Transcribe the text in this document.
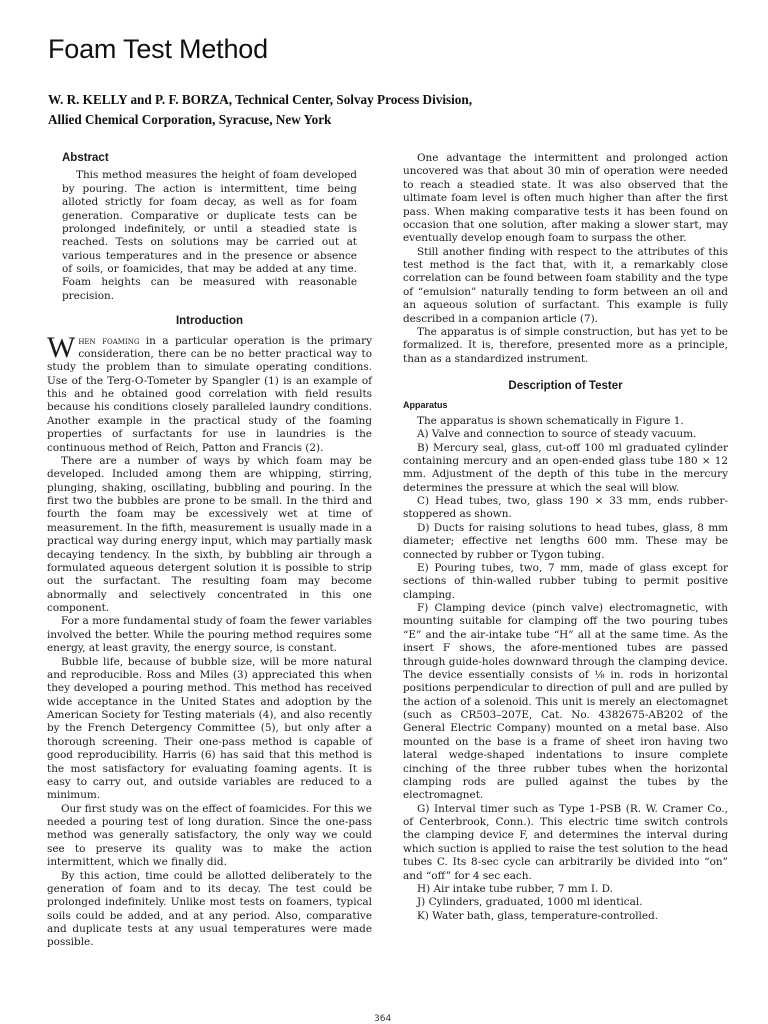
Foam Test Method
W. R. KELLY and P. F. BORZA, Technical Center, Solvay Process Division,
Allied Chemical Corporation, Syracuse, New York

Abstract

This method measures the height of foam developed by pouring. The action is intermittent, time being alloted strictly for foam decay, as well as for foam generation. Comparative or duplicate tests can be prolonged indefinitely, or until a steadied state is reached. Tests on solutions may be carried out at various temperatures and in the presence or absence of soils, or foamicides, that may be added at any time. Foam heights can be measured with reasonable precision.

Introduction

When foaming in a particular operation is the primary consideration, there can be no better practical way to study the problem than to simulate operating conditions. Use of the Terg-O-Tometer by Spangler (1) is an example of this and he obtained good correlation with field results because his conditions closely paralleled laundry conditions. Another example in the practical study of the foaming properties of surfactants for use in laundries is the continuous method of Reich, Patton and Francis (2).

There are a number of ways by which foam may be developed. Included among them are whipping, stirring, plunging, shaking, oscillating, bubbling and pouring. In the first two the bubbles are prone to be small. In the third and fourth the foam may be excessively wet at time of measurement. In the fifth, measurement is usually made in a practical way during energy input, which may partially mask decaying tendency. In the sixth, by bubbling air through a formulated aqueous detergent solution it is possible to strip out the surfactant. The resulting foam may become abnormally and selectively concentrated in this one component.

For a more fundamental study of foam the fewer variables involved the better. While the pouring method requires some energy, at least gravity, the energy source, is constant.

Bubble life, because of bubble size, will be more natural and reproducible. Ross and Miles (3) appreciated this when they developed a pouring method. This method has received wide acceptance in the United States and adoption by the American Society for Testing materials (4), and also recently by the French Detergency Committee (5), but only after a thorough screening. Their one-pass method is capable of good reproducibility. Harris (6) has said that this method is the most satisfactory for evaluating foaming agents. It is easy to carry out, and outside variables are reduced to a minimum.

Our first study was on the effect of foamicides. For this we needed a pouring test of long duration. Since the one-pass method was generally satisfactory, the only way we could see to preserve its quality was to make the action intermittent, which we finally did.

By this action, time could be allotted deliberately to the generation of foam and to its decay. The test could be prolonged indefinitely. Unlike most tests on foamers, typical soils could be added, and at any period. Also, comparative and duplicate tests at any usual temperatures were made possible.

One advantage the intermittent and prolonged action uncovered was that about 30 min of operation were needed to reach a steadied state. It was also observed that the ultimate foam level is often much higher than after the first pass. When making comparative tests it has been found on occasion that one solution, after making a slower start, may eventually develop enough foam to surpass the other.

Still another finding with respect to the attributes of this test method is the fact that, with it, a remarkably close correlation can be found between foam stability and the type of “emulsion” naturally tending to form between an oil and an aqueous solution of surfactant. This example is fully described in a companion article (7).

The apparatus is of simple construction, but has yet to be formalized. It is, therefore, presented more as a principle, than as a standardized instrument.

Description of Tester

Apparatus

The apparatus is shown schematically in Figure 1.

A) Valve and connection to source of steady vacuum.

B) Mercury seal, glass, cut-off 100 ml graduated cylinder containing mercury and an open-ended glass tube 180 × 12 mm. Adjustment of the depth of this tube in the mercury determines the pressure at which the seal will blow.

C) Head tubes, two, glass 190 × 33 mm, ends rubber-stoppered as shown.

D) Ducts for raising solutions to head tubes, glass, 8 mm diameter; effective net lengths 600 mm. These may be connected by rubber or Tygon tubing.

E) Pouring tubes, two, 7 mm, made of glass except for sections of thin-walled rubber tubing to permit positive clamping.

F) Clamping device (pinch valve) electromagnetic, with mounting suitable for clamping off the two pouring tubes “E” and the air-intake tube “H” all at the same time. As the insert F shows, the afore-mentioned tubes are passed through guide-holes downward through the clamping device. The device essentially consists of ⅛ in. rods in horizontal positions perpendicular to direction of pull and are pulled by the action of a solenoid. This unit is merely an electomagnet (such as CR503–207E, Cat. No. 4382675-AB202 of the General Electric Company) mounted on a metal base. Also mounted on the base is a frame of sheet iron having two lateral wedge-shaped indentations to insure complete cinching of the three rubber tubes when the horizontal clamping rods are pulled against the tubes by the electromagnet.

G) Interval timer such as Type 1-PSB (R. W. Cramer Co., of Centerbrook, Conn.). This electric time switch controls the clamping device F, and determines the interval during which suction is applied to raise the test solution to the head tubes C. Its 8-sec cycle can arbitrarily be divided into “on” and “off” for 4 sec each.

H) Air intake tube rubber, 7 mm I. D.

J) Cylinders, graduated, 1000 ml identical.

K) Water bath, glass, temperature-controlled.

364
